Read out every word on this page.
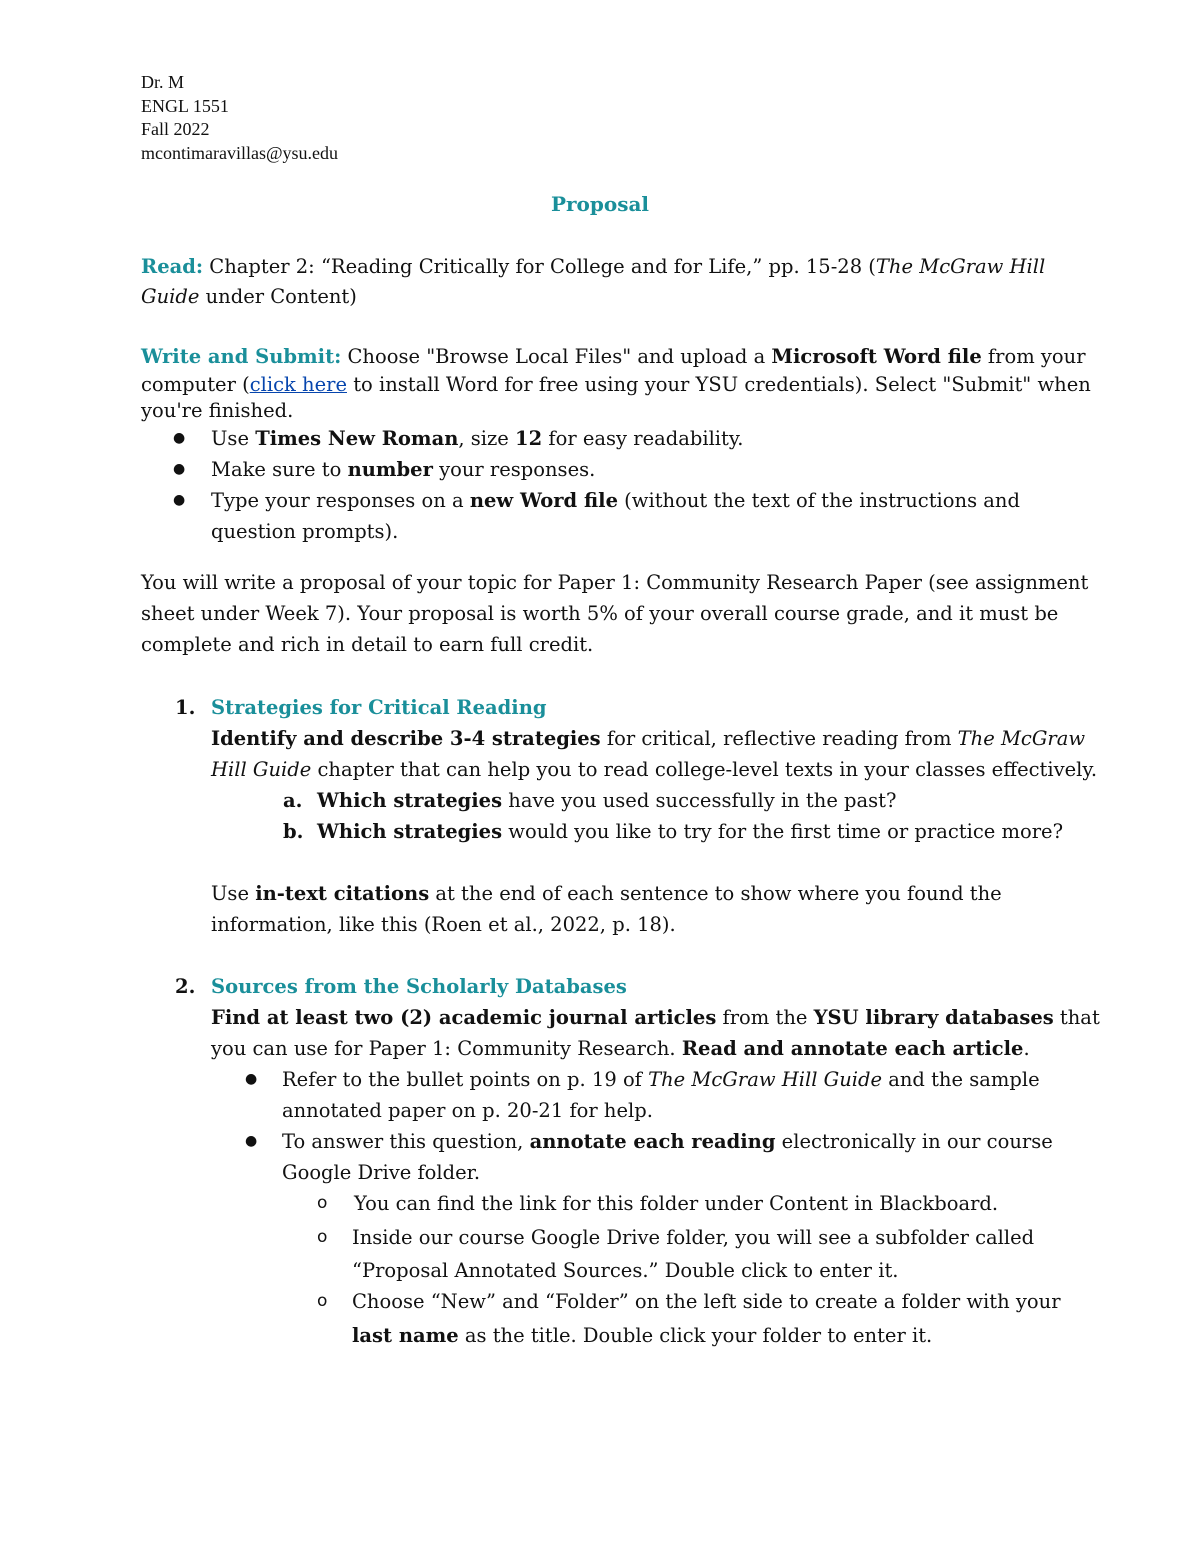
Dr. M
ENGL 1551
Fall 2022
mcontimaravillas@ysu.edu
Proposal
Read: Chapter 2: “Reading Critically for College and for Life,” pp. 15-28 (The McGraw Hill
Guide under Content)
Write and Submit: Choose "Browse Local Files" and upload a Microsoft Word file from your
computer (click here to install Word for free using your YSU credentials). Select "Submit" when
you're finished.
● Use Times New Roman, size 12 for easy readability.
● Make sure to number your responses.
● Type your responses on a new Word file (without the text of the instructions and
question prompts).
You will write a proposal of your topic for Paper 1: Community Research Paper (see assignment
sheet under Week 7). Your proposal is worth 5% of your overall course grade, and it must be
complete and rich in detail to earn full credit.
1. Strategies for Critical Reading
Identify and describe 3-4 strategies for critical, reflective reading from The McGraw
Hill Guide chapter that can help you to read college-level texts in your classes effectively.
a. Which strategies have you used successfully in the past?
b. Which strategies would you like to try for the first time or practice more?
Use in-text citations at the end of each sentence to show where you found the
information, like this (Roen et al., 2022, p. 18).
2. Sources from the Scholarly Databases
Find at least two (2) academic journal articles from the YSU library databases that
you can use for Paper 1: Community Research. Read and annotate each article.
● Refer to the bullet points on p. 19 of The McGraw Hill Guide and the sample
annotated paper on p. 20-21 for help.
● To answer this question, annotate each reading electronically in our course
Google Drive folder.
o You can find the link for this folder under Content in Blackboard.
o Inside our course Google Drive folder, you will see a subfolder called
“Proposal Annotated Sources.” Double click to enter it.
o Choose “New” and “Folder” on the left side to create a folder with your
last name as the title. Double click your folder to enter it.
